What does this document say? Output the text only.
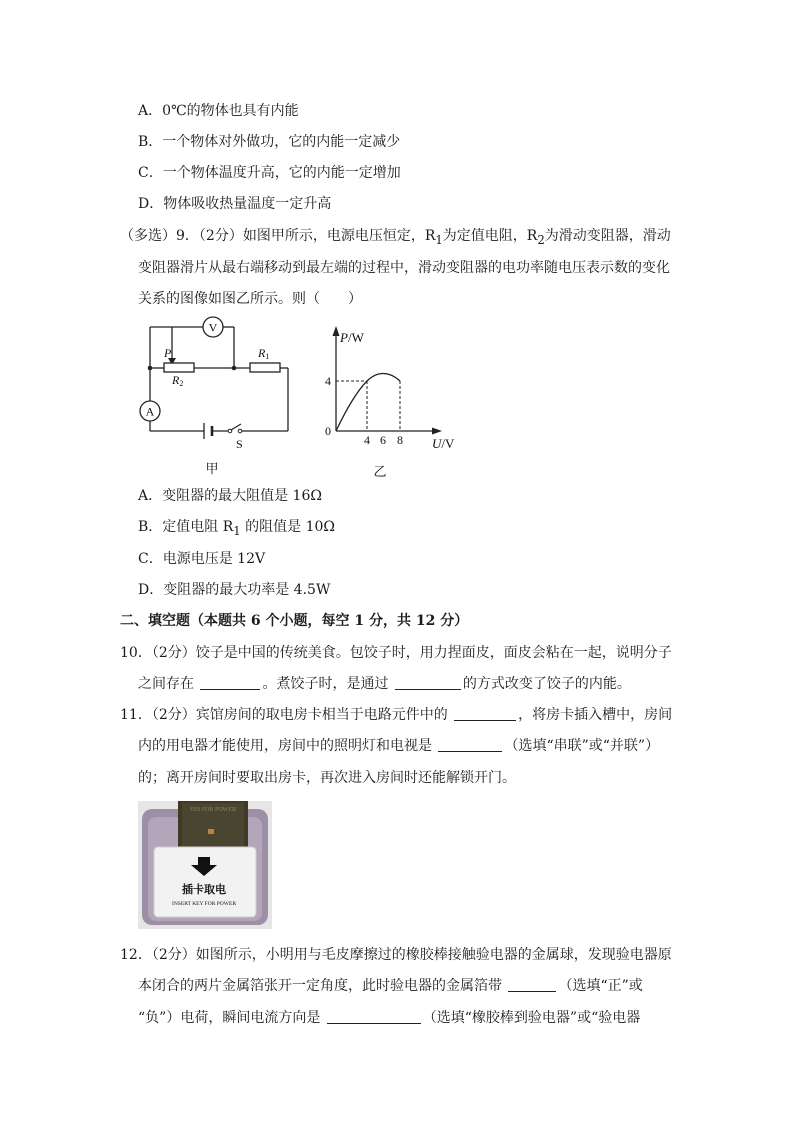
A．0℃的物体也具有内能
B．一个物体对外做功，它的内能一定减少
C．一个物体温度升高，它的内能一定增加
D．物体吸收热量温度一定升高
（多选）9．（2分）如图甲所示，电源电压恒定，$R_1$为定值电阻，$R_2$为滑动变阻器，滑动
变阻器滑片从最右端移动到最左端的过程中，滑动变阻器的电功率随电压表示数的变化
关系的图像如图乙所示。则（　　）
V
A
P
R2
R1
S
甲
P/W
4
0
4 6 8 U/V
乙
A．变阻器的最大阻值是 16Ω
B．定值电阻 $R_1$ 的阻值是 10Ω
C．电源电压是 12V
D．变阻器的最大功率是 4.5W
二、填空题（本题共 6 个小题，每空 1 分，共 12 分）
10．（2分）饺子是中国的传统美食。包饺子时，用力捏面皮，面皮会粘在一起，说明分子
之间存在	。煮饺子时，是通过	的方式改变了饺子的内能。
11．（2分）宾馆房间的取电房卡相当于电路元件中的	，将房卡插入槽中，房间
内的用电器才能使用，房间中的照明灯和电视是	（选填“串联”或“并联”）
的；离开房间时要取出房卡，再次进入房间时还能解锁开门。
ESS FOR POWER
插卡取电
INSERT KEY FOR POWER
12．（2分）如图所示，小明用与毛皮摩擦过的橡胶棒接触验电器的金属球，发现验电器原
本闭合的两片金属箔张开一定角度，此时验电器的金属箔带	（选填“正”或
“负”）电荷，瞬间电流方向是	（选填“橡胶棒到验电器”或“验电器
